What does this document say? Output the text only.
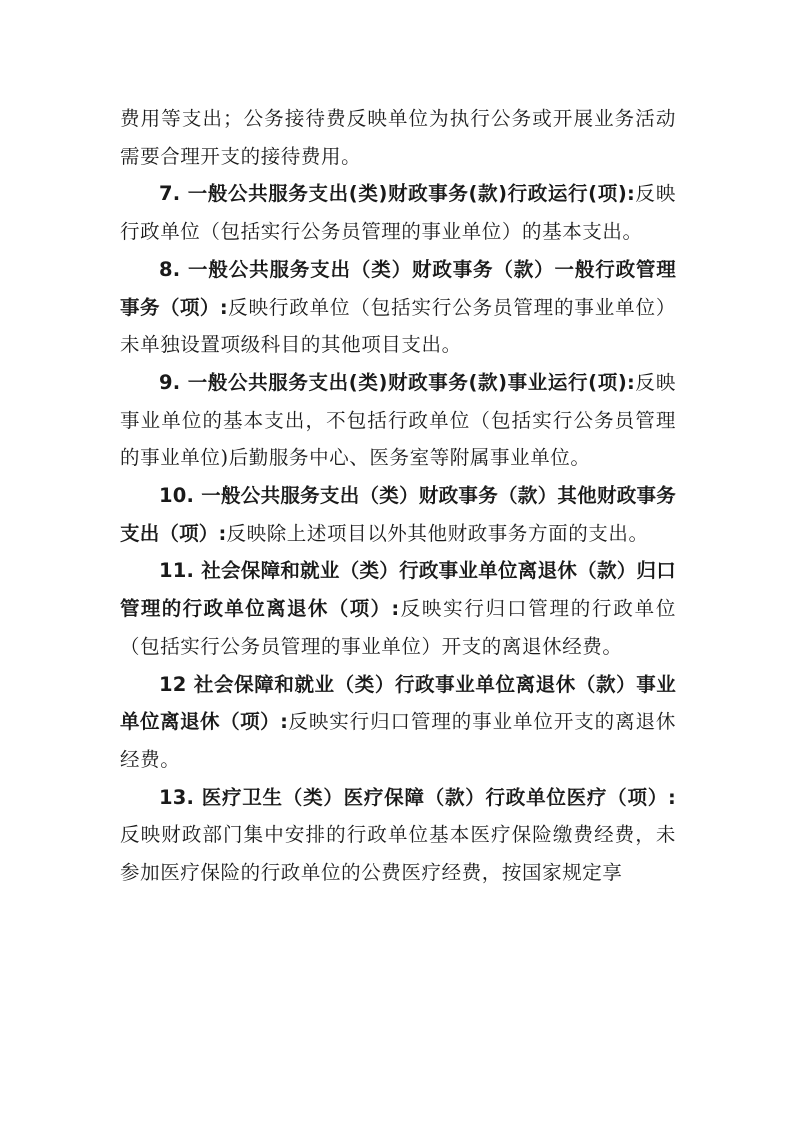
费用等支出；公务接待费反映单位为执行公务或开展业务活动需要合理开支的接待费用。

7. 一般公共服务支出(类)财政事务(款)行政运行(项):反映行政单位（包括实行公务员管理的事业单位）的基本支出。

8. 一般公共服务支出（类）财政事务（款）一般行政管理事务（项）:反映行政单位（包括实行公务员管理的事业单位）未单独设置项级科目的其他项目支出。

9. 一般公共服务支出(类)财政事务(款)事业运行(项):反映事业单位的基本支出，不包括行政单位（包括实行公务员管理的事业单位)后勤服务中心、医务室等附属事业单位。

10. 一般公共服务支出（类）财政事务（款）其他财政事务支出（项）:反映除上述项目以外其他财政事务方面的支出。

11. 社会保障和就业（类）行政事业单位离退休（款）归口管理的行政单位离退休（项）:反映实行归口管理的行政单位（包括实行公务员管理的事业单位）开支的离退休经费。

12 社会保障和就业（类）行政事业单位离退休（款）事业单位离退休（项）:反映实行归口管理的事业单位开支的离退休经费。

13. 医疗卫生（类）医疗保障（款）行政单位医疗（项）:反映财政部门集中安排的行政单位基本医疗保险缴费经费，未参加医疗保险的行政单位的公费医疗经费，按国家规定享
